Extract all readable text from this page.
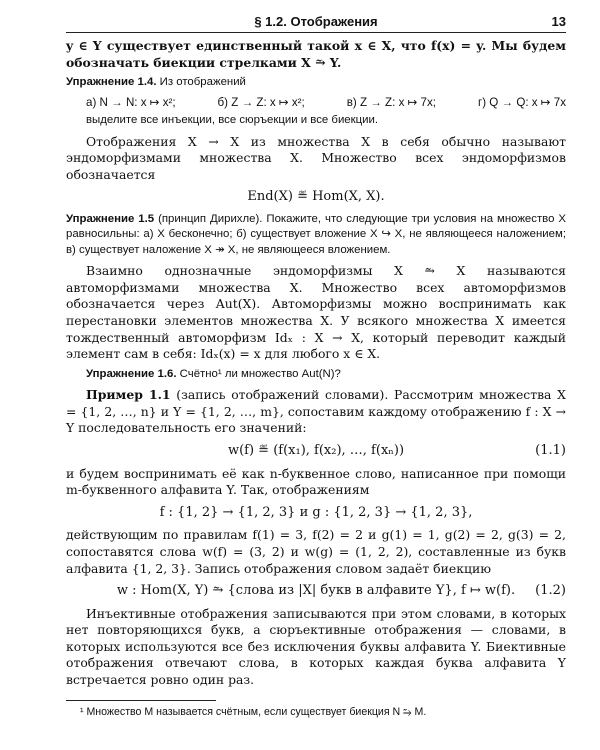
§ 1.2. Отображения	13

y ∈ Y существует единственный такой x ∈ X, что f(x) = y. Мы будем обозначать биекции стрелками X ⥲ Y.

Упражнение 1.4. Из отображений

а) N → N: x ↦ x²;	б) Z → Z: x ↦ x²;	в) Z → Z: x ↦ 7x;	г) Q → Q: x ↦ 7x

выделите все инъекции, все сюръекции и все биекции.

Отображения X → X из множества X в себя обычно называют эндоморфизмами множества X. Множество всех эндоморфизмов обозначается

End(X) ≝ Hom(X, X).

Упражнение 1.5 (принцип Дирихле). Покажите, что следующие три условия на множество X равносильны: а) X бесконечно; б) существует вложение X ↪ X, не являющееся наложением; в) существует наложение X ↠ X, не являющееся вложением.

Взаимно однозначные эндоморфизмы X ⥲ X называются автоморфизмами множества X. Множество всех автоморфизмов обозначается через Aut(X). Автоморфизмы можно воспринимать как перестановки элементов множества X. У всякого множества X имеется тождественный автоморфизм Idₓ : X → X, который переводит каждый элемент сам в себя: Idₓ(x) = x для любого x ∈ X.

Упражнение 1.6. Счётно¹ ли множество Aut(N)?

Пример 1.1 (запись отображений словами). Рассмотрим множества X = {1, 2, …, n} и Y = {1, 2, …, m}, сопоставим каждому отображению f : X → Y последовательность его значений:

w(f) ≝ (f(x₁), f(x₂), …, f(xₙ))	(1.1)

и будем воспринимать её как n-буквенное слово, написанное при помощи m-буквенного алфавита Y. Так, отображениям

f : {1, 2} → {1, 2, 3} и g : {1, 2, 3} → {1, 2, 3},

действующим по правилам f(1) = 3, f(2) = 2 и g(1) = 1, g(2) = 2, g(3) = 2, сопоставятся слова w(f) = (3, 2) и w(g) = (1, 2, 2), составленные из букв алфавита {1, 2, 3}. Запись отображения словом задаёт биекцию

w : Hom(X, Y) ⥲ {слова из |X| букв в алфавите Y}, f ↦ w(f). (1.2)

Инъективные отображения записываются при этом словами, в которых нет повторяющихся букв, а сюръективные отображения — словами, в которых используются все без исключения буквы алфавита Y. Биективные отображения отвечают слова, в которых каждая буква алфавита Y встречается ровно один раз.

¹ Множество M называется счётным, если существует биекция N ⥲ M.
